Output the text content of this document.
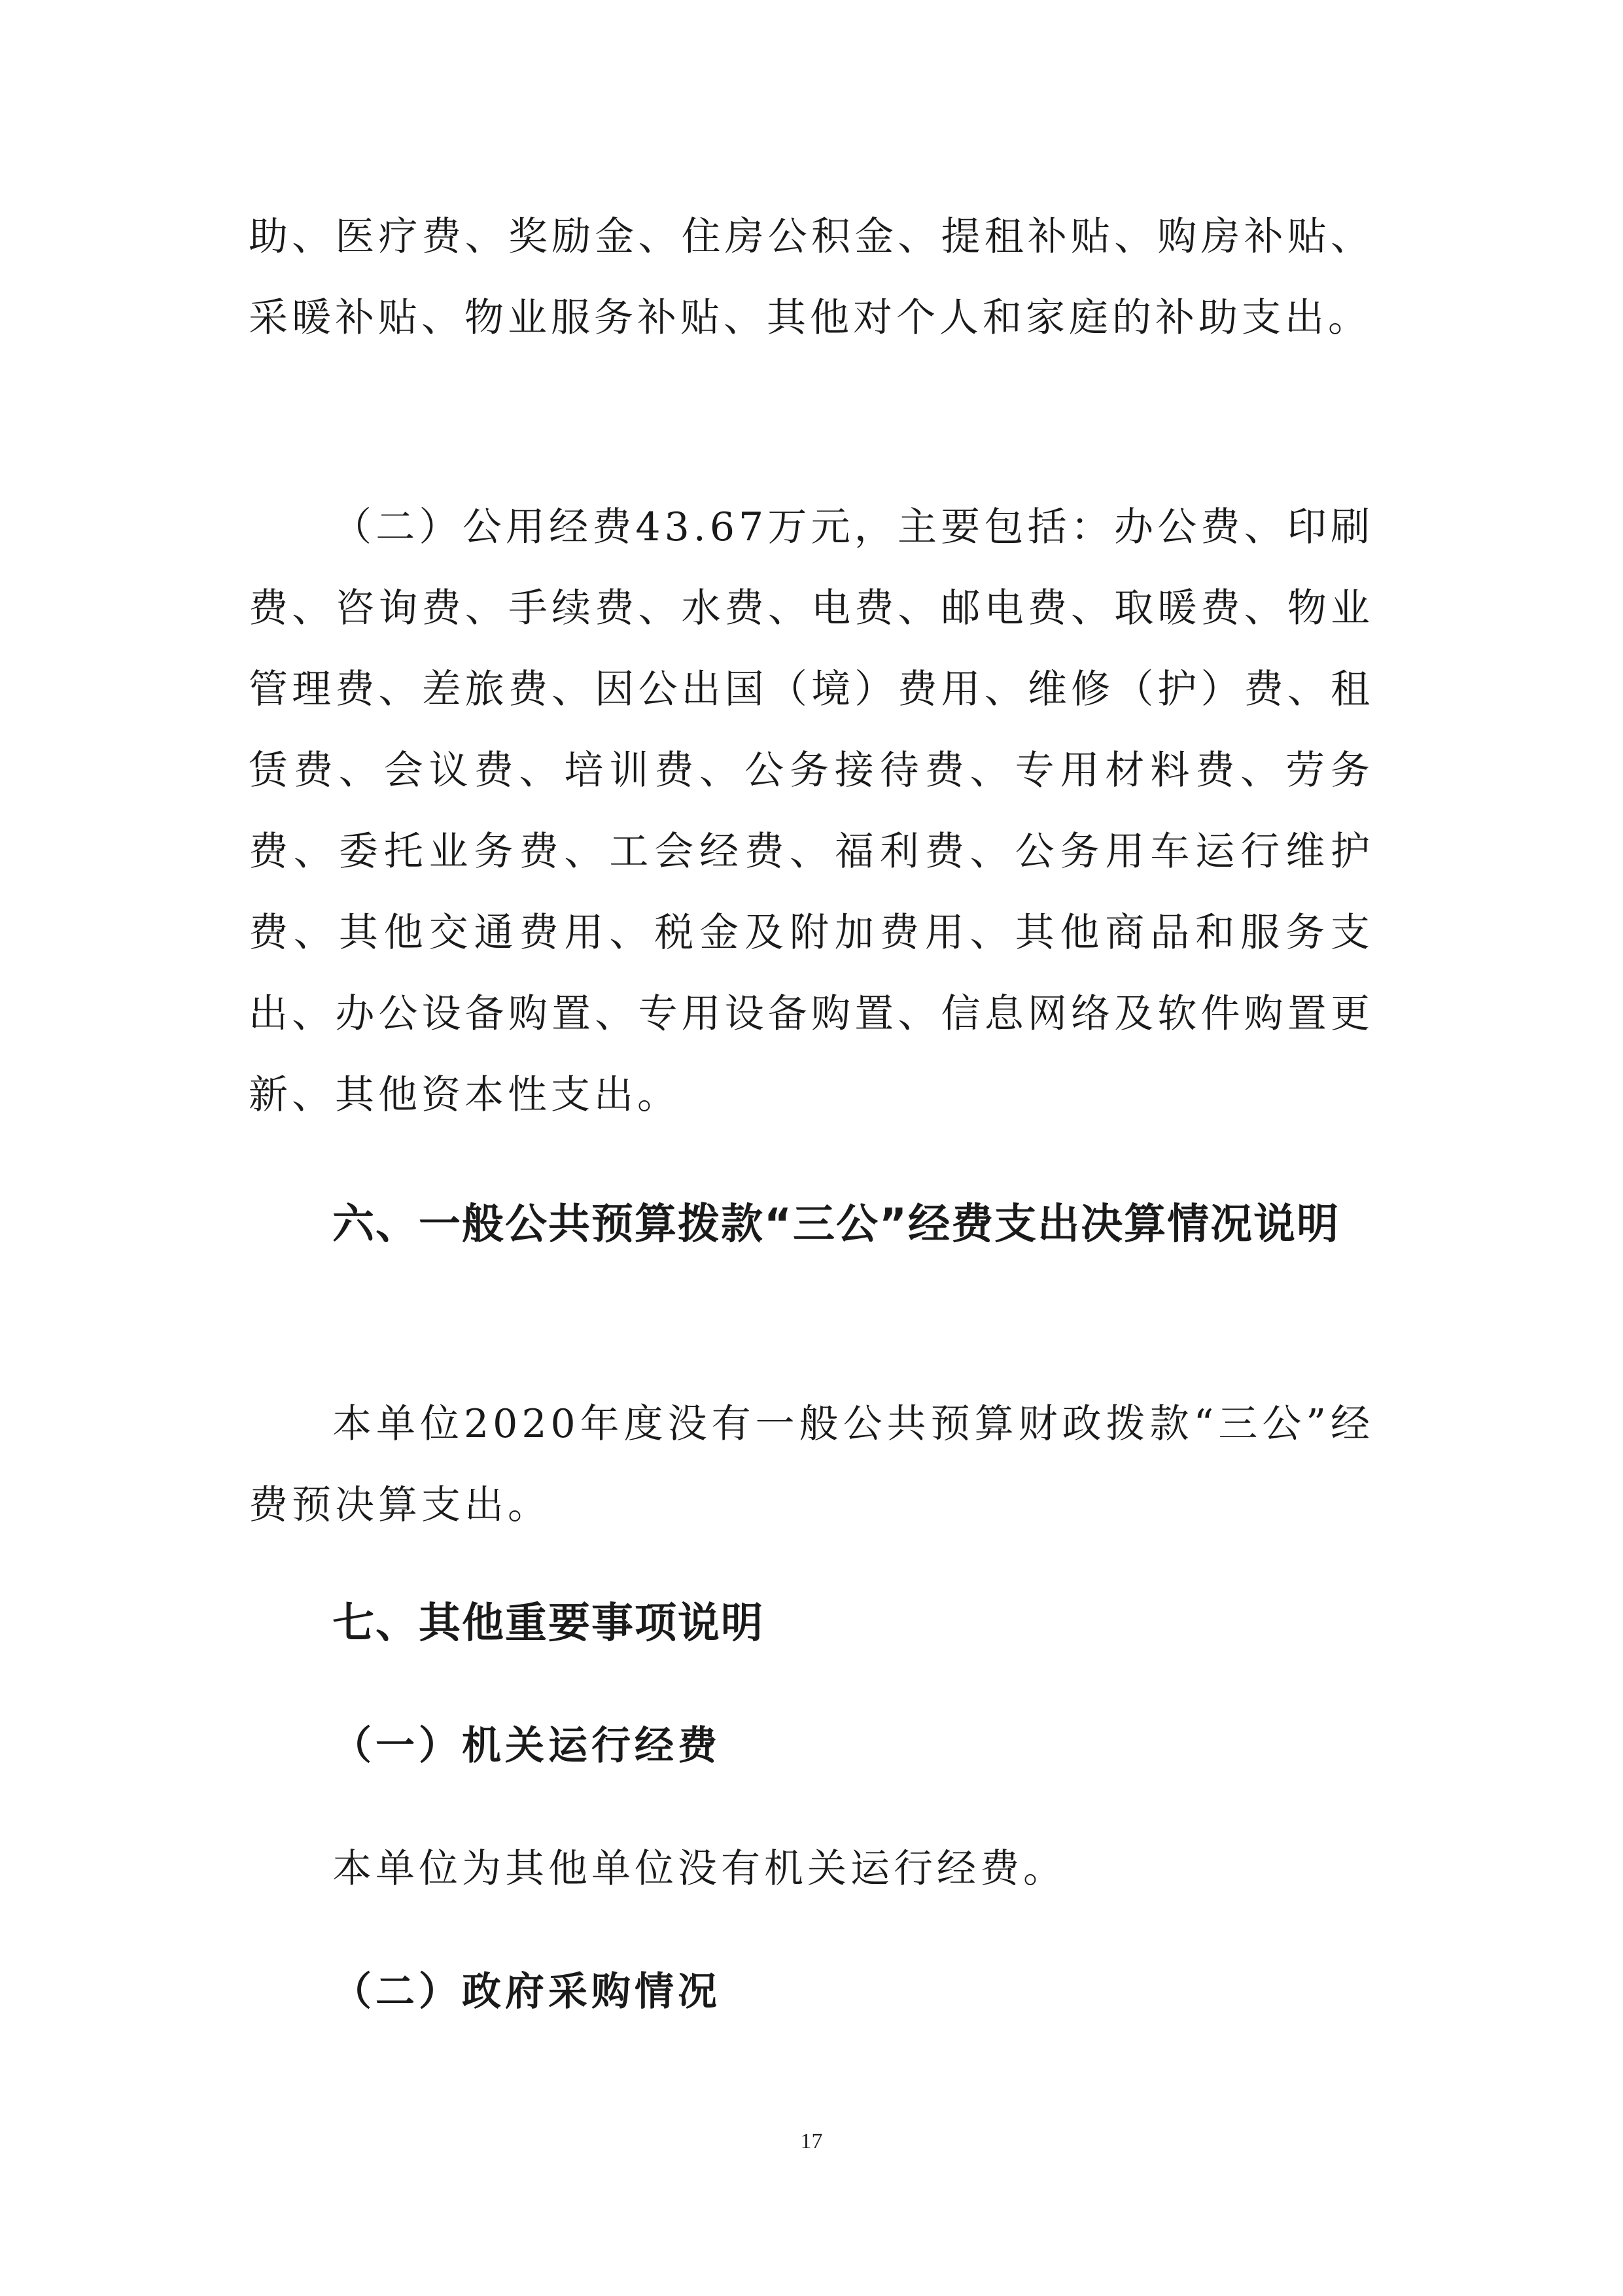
助、医疗费、奖励金、住房公积金、提租补贴、购房补贴、采暖补贴、物业服务补贴、其他对个人和家庭的补助支出。

（二）公用经费43.67万元，主要包括：办公费、印刷费、咨询费、手续费、水费、电费、邮电费、取暖费、物业管理费、差旅费、因公出国（境）费用、维修（护）费、租赁费、会议费、培训费、公务接待费、专用材料费、劳务费、委托业务费、工会经费、福利费、公务用车运行维护费、其他交通费用、税金及附加费用、其他商品和服务支出、办公设备购置、专用设备购置、信息网络及软件购置更新、其他资本性支出。

六、一般公共预算拨款“三公”经费支出决算情况说明

本单位2020年度没有一般公共预算财政拨款“三公”经费预决算支出。

七、其他重要事项说明
（一）机关运行经费

本单位为其他单位没有机关运行经费。

（二）政府采购情况
17
